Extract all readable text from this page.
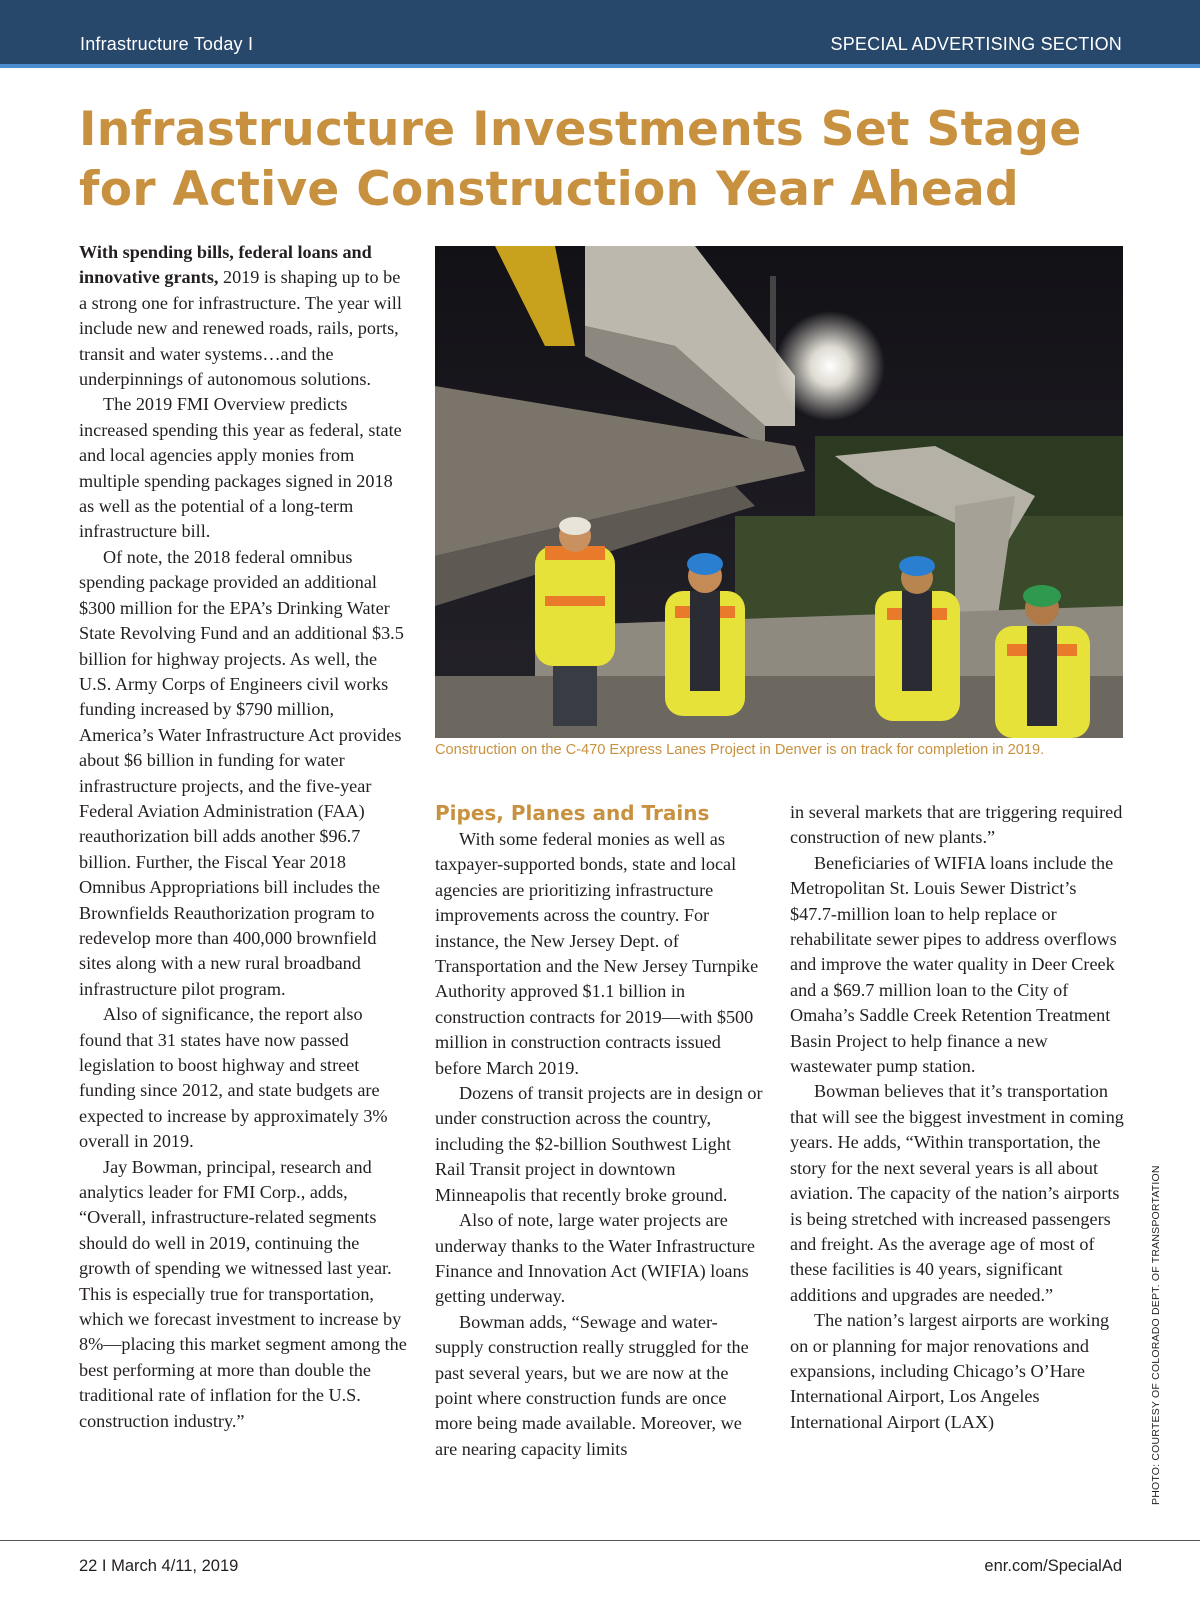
Infrastructure Today I	SPECIAL ADVERTISING SECTION
Infrastructure Investments Set Stage for Active Construction Year Ahead

With spending bills, federal loans and innovative grants, 2019 is shaping up to be a strong one for infrastructure. The year will include new and renewed roads, rails, ports, transit and water systems…and the underpinnings of autonomous solutions.

The 2019 FMI Overview predicts increased spending this year as federal, state and local agencies apply monies from multiple spending packages signed in 2018 as well as the potential of a long-term infrastructure bill.

Of note, the 2018 federal omnibus spending package provided an additional $300 million for the EPA’s Drinking Water State Revolving Fund and an additional $3.5 billion for highway projects. As well, the U.S. Army Corps of Engineers civil works funding increased by $790 million, America’s Water Infrastructure Act provides about $6 billion in funding for water infrastructure projects, and the five-year Federal Aviation Administration (FAA) reauthorization bill adds another $96.7 billion. Further, the Fiscal Year 2018 Omnibus Appropriations bill includes the Brownfields Reauthorization program to redevelop more than 400,000 brownfield sites along with a new rural broadband infrastructure pilot program.

Also of significance, the report also found that 31 states have now passed legislation to boost highway and street funding since 2012, and state budgets are expected to increase by approximately 3% overall in 2019.

Jay Bowman, principal, research and analytics leader for FMI Corp., adds, “Overall, infrastructure-related segments should do well in 2019, continuing the growth of spending we witnessed last year. This is especially true for transportation, which we forecast investment to increase by 8%—placing this market segment among the best performing at more than double the traditional rate of inflation for the U.S. construction industry.”

Construction on the C-470 Express Lanes Project in Denver is on track for completion in 2019.
Pipes, Planes and Trains

With some federal monies as well as taxpayer-supported bonds, state and local agencies are prioritizing infrastructure improvements across the country. For instance, the New Jersey Dept. of Transportation and the New Jersey Turnpike Authority approved $1.1 billion in construction contracts for 2019—with $500 million in construction contracts issued before March 2019.

Dozens of transit projects are in design or under construction across the country, including the $2-billion Southwest Light Rail Transit project in downtown Minneapolis that recently broke ground.

Also of note, large water projects are underway thanks to the Water Infrastructure Finance and Innovation Act (WIFIA) loans getting underway.

Bowman adds, “Sewage and water-supply construction really struggled for the past several years, but we are now at the point where construction funds are once more being made available. Moreover, we are nearing capacity limits

in several markets that are triggering required construction of new plants.”

Beneficiaries of WIFIA loans include the Metropolitan St. Louis Sewer District’s $47.7-million loan to help replace or rehabilitate sewer pipes to address overflows and improve the water quality in Deer Creek and a $69.7 million loan to the City of Omaha’s Saddle Creek Retention Treatment Basin Project to help finance a new wastewater pump station.

Bowman believes that it’s transportation that will see the biggest investment in coming years. He adds, “Within transportation, the story for the next several years is all about aviation. The capacity of the nation’s airports is being stretched with increased passengers and freight. As the average age of most of these facilities is 40 years, significant additions and upgrades are needed.”

The nation’s largest airports are working on or planning for major renovations and expansions, including Chicago’s O’Hare International Airport, Los Angeles International Airport (LAX)	PHOTO: COURTESY OF COLORADO DEPT. OF TRANSPORTATION
22 I March 4/11, 2019	enr.com/SpecialAd
